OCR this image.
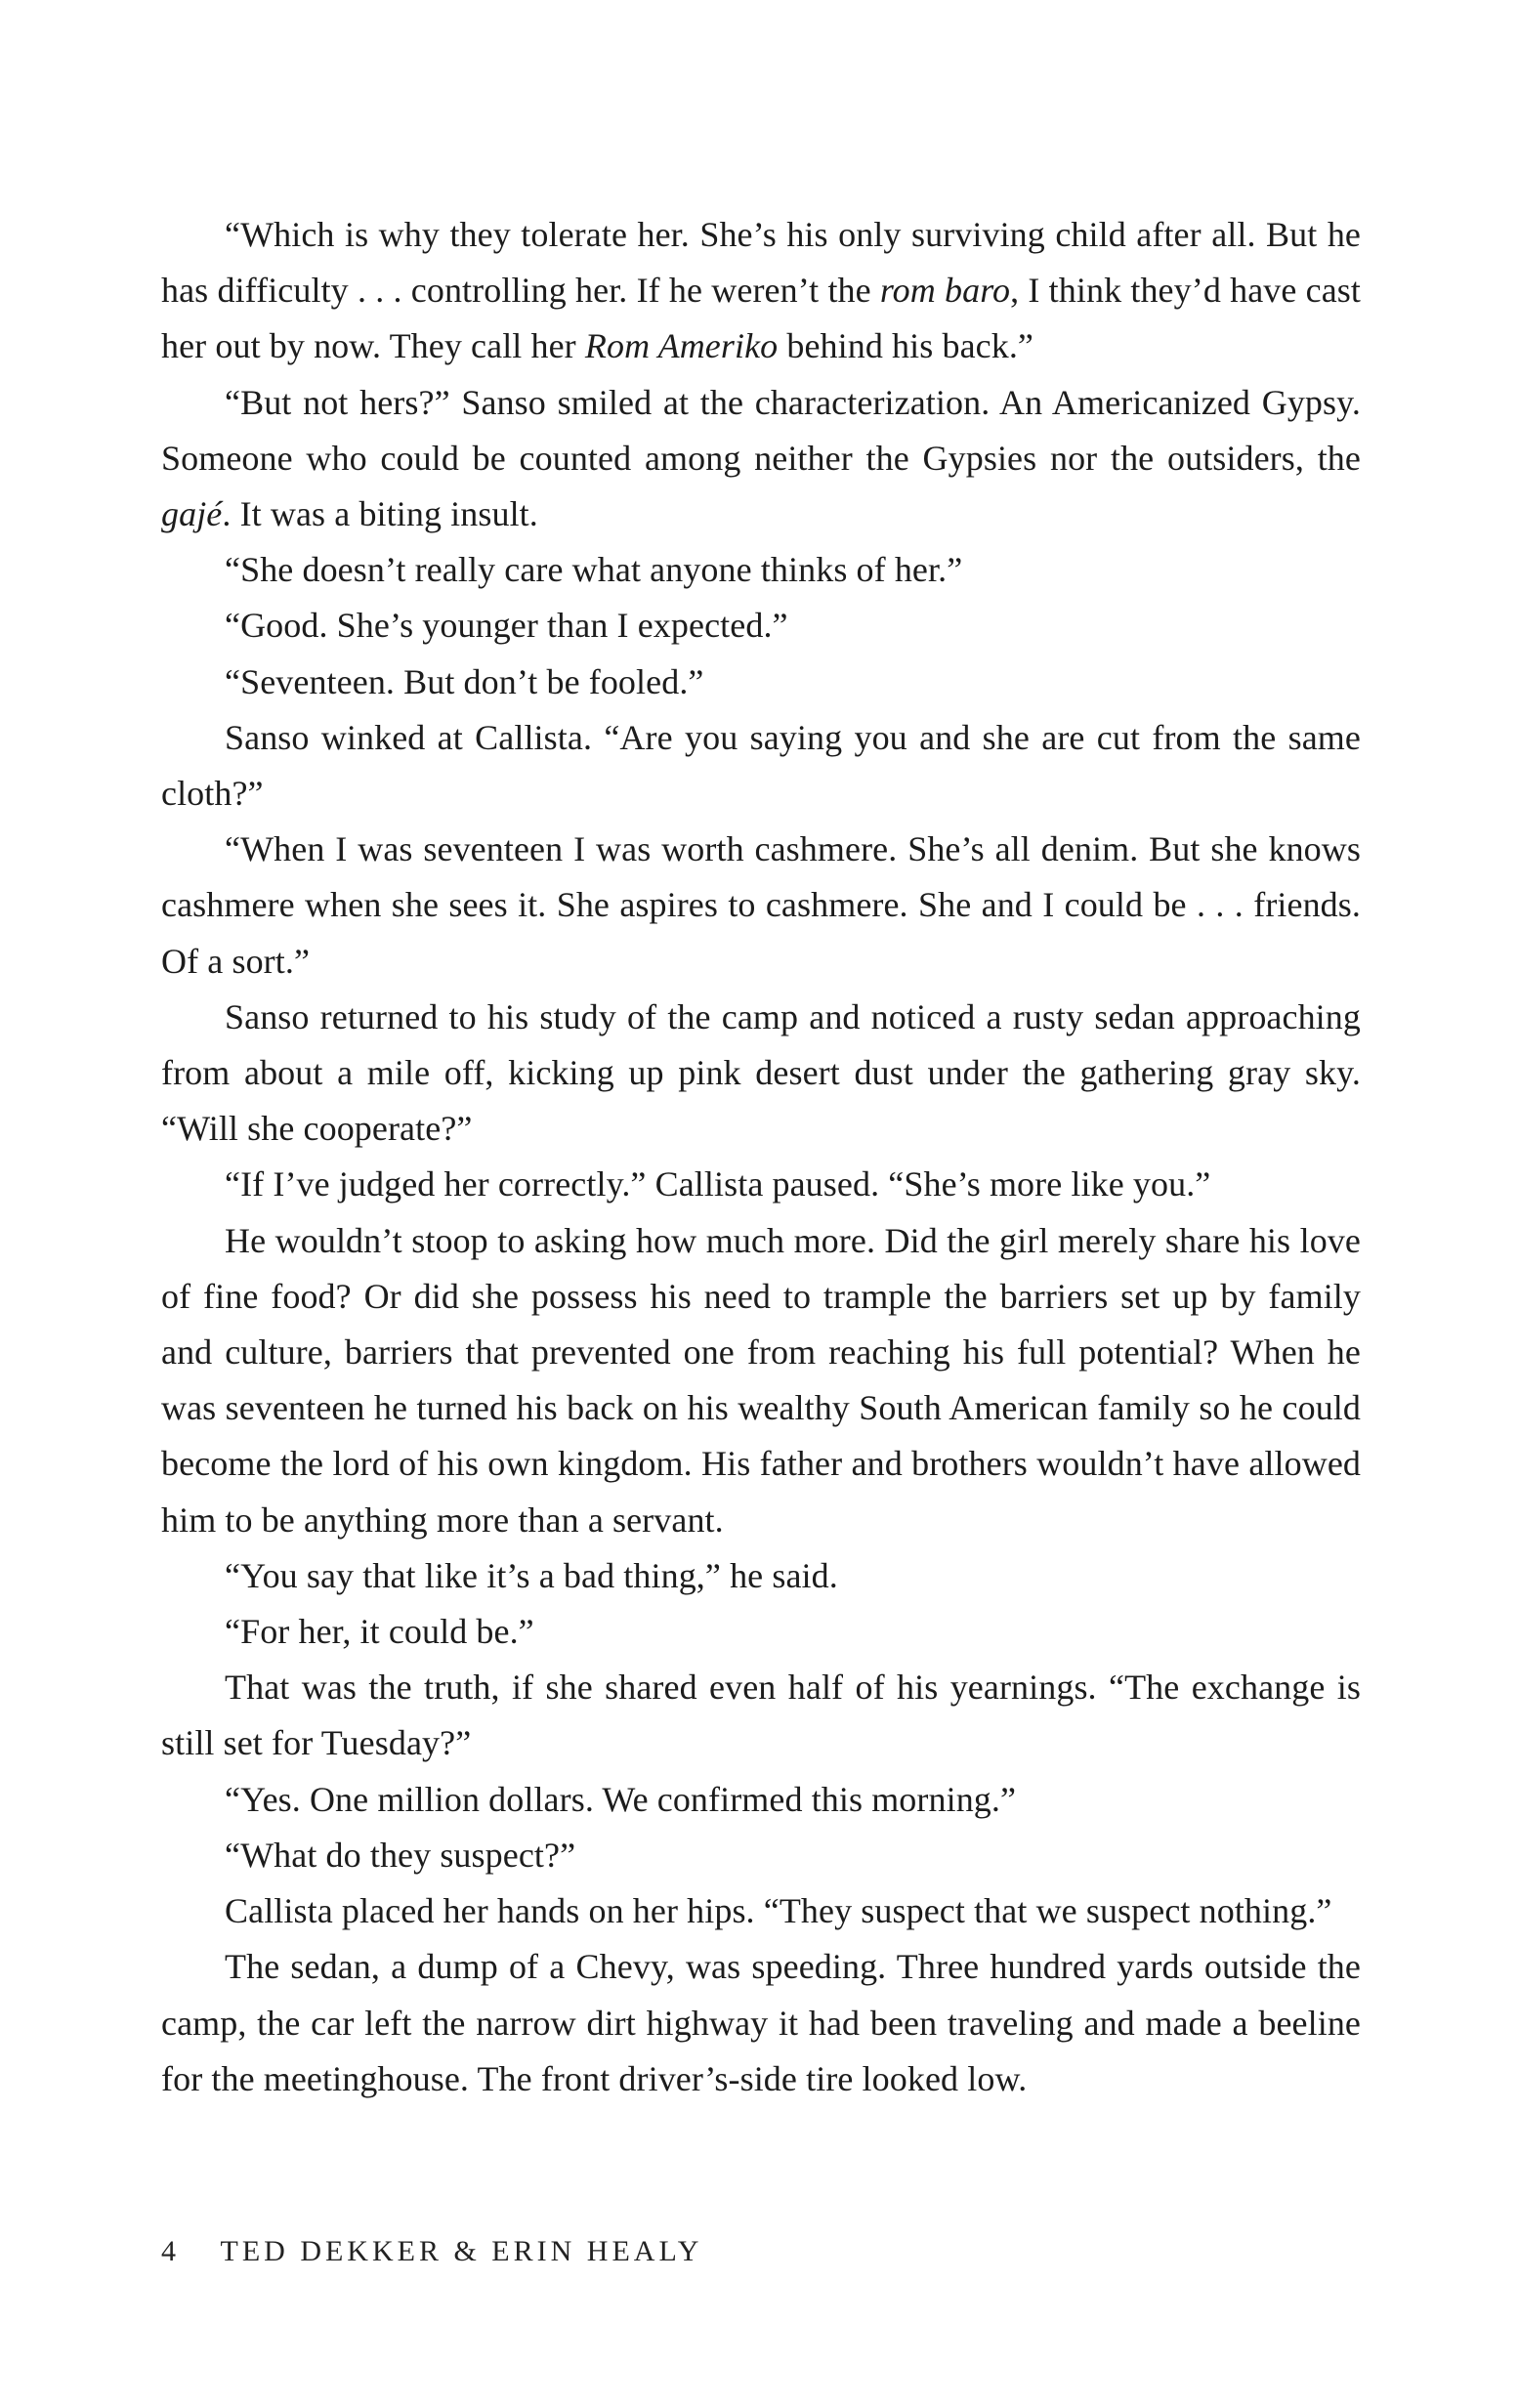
“Which is why they tolerate her. She’s his only surviving child after all. But he has difficulty . . . controlling her. If he weren’t the rom baro, I think they’d have cast her out by now. They call her Rom Ameriko behind his back.”

“But not hers?” Sanso smiled at the characterization. An Americanized Gypsy. Someone who could be counted among neither the Gypsies nor the outsiders, the gajé. It was a biting insult.

“She doesn’t really care what anyone thinks of her.”

“Good. She’s younger than I expected.”

“Seventeen. But don’t be fooled.”

Sanso winked at Callista. “Are you saying you and she are cut from the same cloth?”

“When I was seventeen I was worth cashmere. She’s all denim. But she knows cashmere when she sees it. She aspires to cashmere. She and I could be . . . friends. Of a sort.”

Sanso returned to his study of the camp and noticed a rusty sedan approaching from about a mile off, kicking up pink desert dust under the gathering gray sky. “Will she cooperate?”

“If I’ve judged her correctly.” Callista paused. “She’s more like you.”

He wouldn’t stoop to asking how much more. Did the girl merely share his love of fine food? Or did she possess his need to trample the barriers set up by family and culture, barriers that prevented one from reaching his full potential? When he was seventeen he turned his back on his wealthy South American family so he could become the lord of his own kingdom. His father and brothers wouldn’t have allowed him to be anything more than a servant.

“You say that like it’s a bad thing,” he said.

“For her, it could be.”

That was the truth, if she shared even half of his yearnings. “The exchange is still set for Tuesday?”

“Yes. One million dollars. We confirmed this morning.”

“What do they suspect?”

Callista placed her hands on her hips. “They suspect that we suspect nothing.”

The sedan, a dump of a Chevy, was speeding. Three hundred yards outside the camp, the car left the narrow dirt highway it had been traveling and made a beeline for the meetinghouse. The front driver’s-side tire looked low.

4 TED DEKKER & ERIN HEALY
